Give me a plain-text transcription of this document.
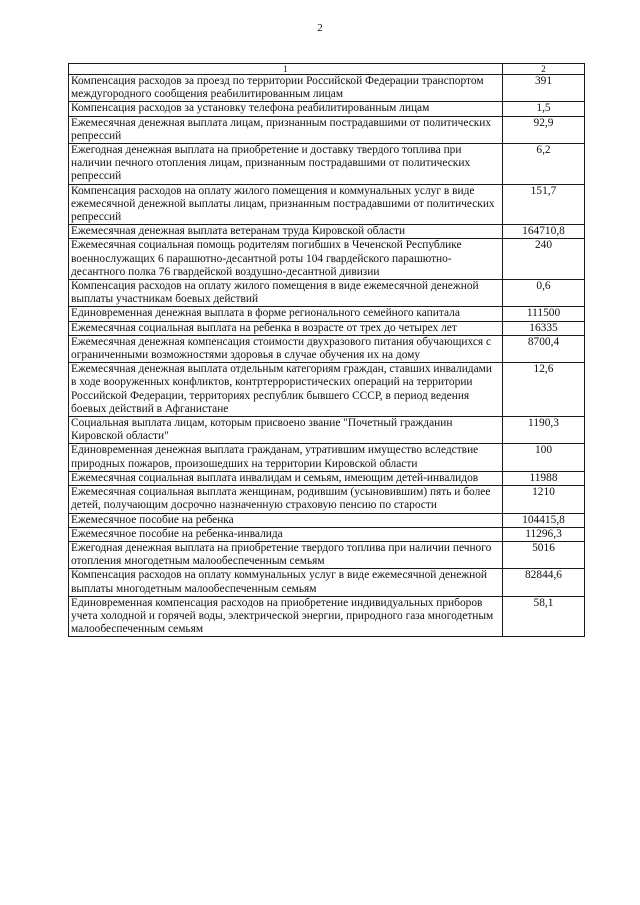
2
1	2
Компенсация расходов за проезд по территории Российской Федерации транспортом междугородного сообщения реабилитированным лицам	391
Компенсация расходов за установку телефона реабилитированным лицам	1,5
Ежемесячная денежная выплата лицам, признанным пострадавшими от политических репрессий	92,9
Ежегодная денежная выплата на приобретение и доставку твердого топлива при наличии печного отопления лицам, признанным пострадавшими от политических репрессий	6,2
Компенсация расходов на оплату жилого помещения и коммунальных услуг в виде ежемесячной денежной выплаты лицам, признанным пострадавшими от политических репрессий	151,7
Ежемесячная денежная выплата ветеранам труда Кировской области	164710,8
Ежемесячная социальная помощь родителям погибших в Чеченской Республике военнослужащих 6 парашютно-десантной роты 104 гвардейского парашютно-десантного полка 76 гвардейской воздушно-десантной дивизии	240
Компенсация расходов на оплату жилого помещения в виде ежемесячной денежной выплаты участникам боевых действий	0,6
Единовременная денежная выплата в форме регионального семейного капитала	111500
Ежемесячная социальная выплата на ребенка в возрасте от трех до четырех лет	16335
Ежемесячная денежная компенсация стоимости двухразового питания обучающихся с ограниченными возможностями здоровья в случае обучения их на дому	8700,4
Ежемесячная денежная выплата отдельным категориям граждан, ставших инвалидами в ходе вооруженных конфликтов, контртеррористических операций на территории Российской Федерации, территориях республик бывшего СССР, в период ведения боевых действий в Афганистане	12,6
Социальная выплата лицам, которым присвоено звание "Почетный гражданин Кировской области"	1190,3
Единовременная денежная выплата гражданам, утратившим имущество вследствие природных пожаров, произошедших на территории Кировской области	100
Ежемесячная социальная выплата инвалидам и семьям, имеющим детей-инвалидов	11988
Ежемесячная социальная выплата женщинам, родившим (усыновившим) пять и более детей, получающим досрочно назначенную страховую пенсию по старости	1210
Ежемесячное пособие на ребенка	104415,8
Ежемесячное пособие на ребенка-инвалида	11296,3
Ежегодная денежная выплата на приобретение твердого топлива при наличии печного отопления многодетным малообеспеченным семьям	5016
Компенсация расходов на оплату коммунальных услуг в виде ежемесячной денежной выплаты многодетным малообеспеченным семьям	82844,6
Единовременная компенсация расходов на приобретение индивидуальных приборов учета холодной и горячей воды, электрической энергии, природного газа многодетным малообеспеченным семьям	58,1
